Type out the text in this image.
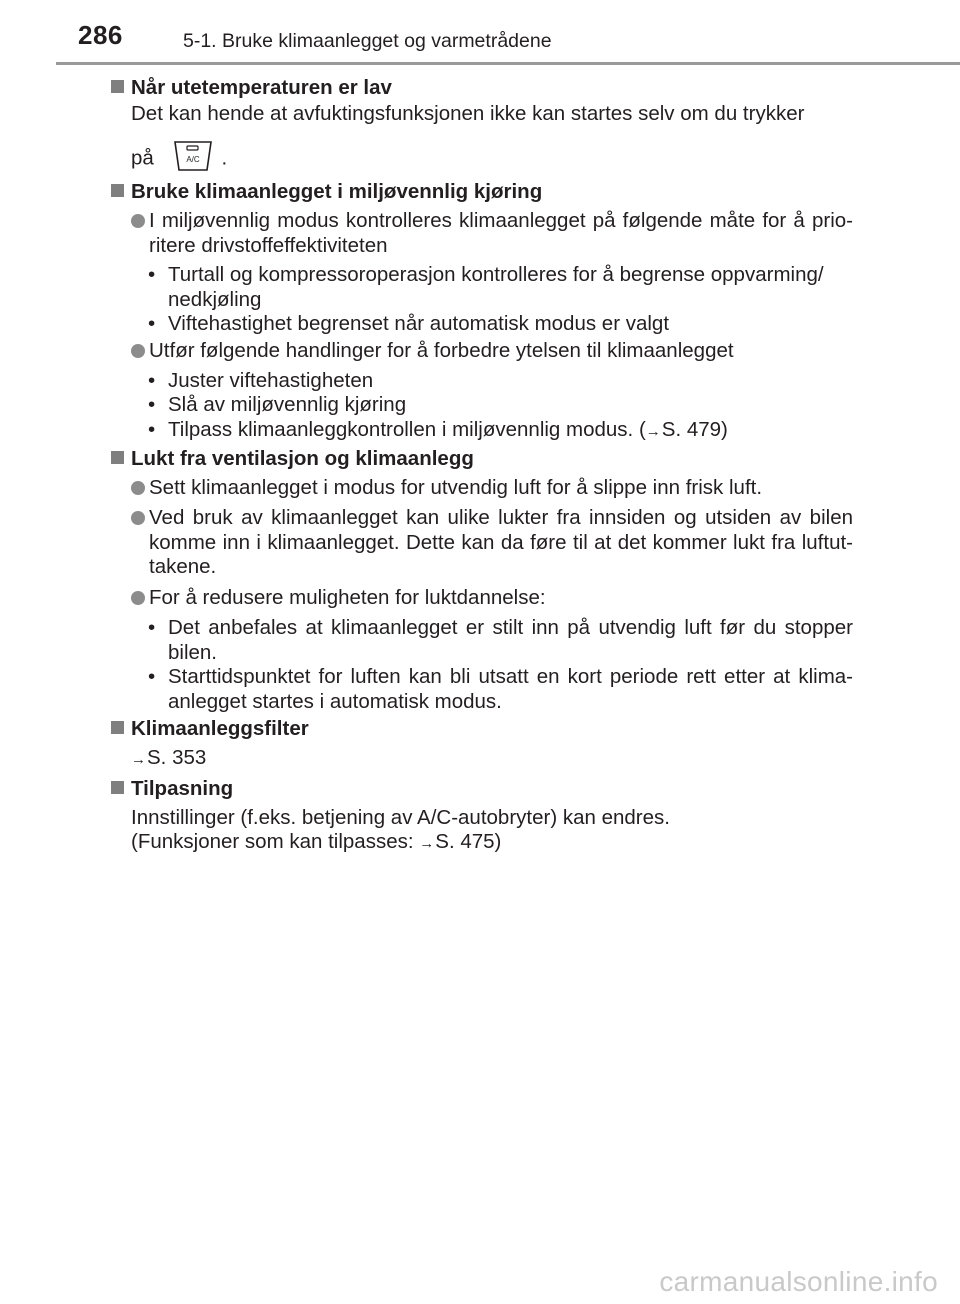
286	5-1. Bruke klimaanlegget og varmetrådene
Når utetemperaturen er lav
Det kan hende at avfuktingsfunksjonen ikke kan startes selv om du trykker
på	A/C .
Bruke klimaanlegget i miljøvennlig kjøring
I miljøvennlig modus kontrolleres klimaanlegget på følgende måte for å prio-ritere drivstoffeffektiviteten
• Turtall og kompressoroperasjon kontrolleres for å begrense oppvarming/ nedkjøling
• Viftehastighet begrenset når automatisk modus er valgt
Utfør følgende handlinger for å forbedre ytelsen til klimaanlegget
• Juster viftehastigheten
• Slå av miljøvennlig kjøring
• Tilpass klimaanleggkontrollen i miljøvennlig modus. (→S. 479)
Lukt fra ventilasjon og klimaanlegg
Sett klimaanlegget i modus for utvendig luft for å slippe inn frisk luft.
Ved bruk av klimaanlegget kan ulike lukter fra innsiden og utsiden av bilen komme inn i klimaanlegget. Dette kan da føre til at det kommer lukt fra luftut-takene.
For å redusere muligheten for luktdannelse:
• Det anbefales at klimaanlegget er stilt inn på utvendig luft før du stopper bilen.
• Starttidspunktet for luften kan bli utsatt en kort periode rett etter at klima-anlegget startes i automatisk modus.
Klimaanleggsfilter
→S. 353
Tilpasning
Innstillinger (f.eks. betjening av A/C-autobryter) kan endres.
(Funksjoner som kan tilpasses: →S. 475)
carmanualsonline.info
